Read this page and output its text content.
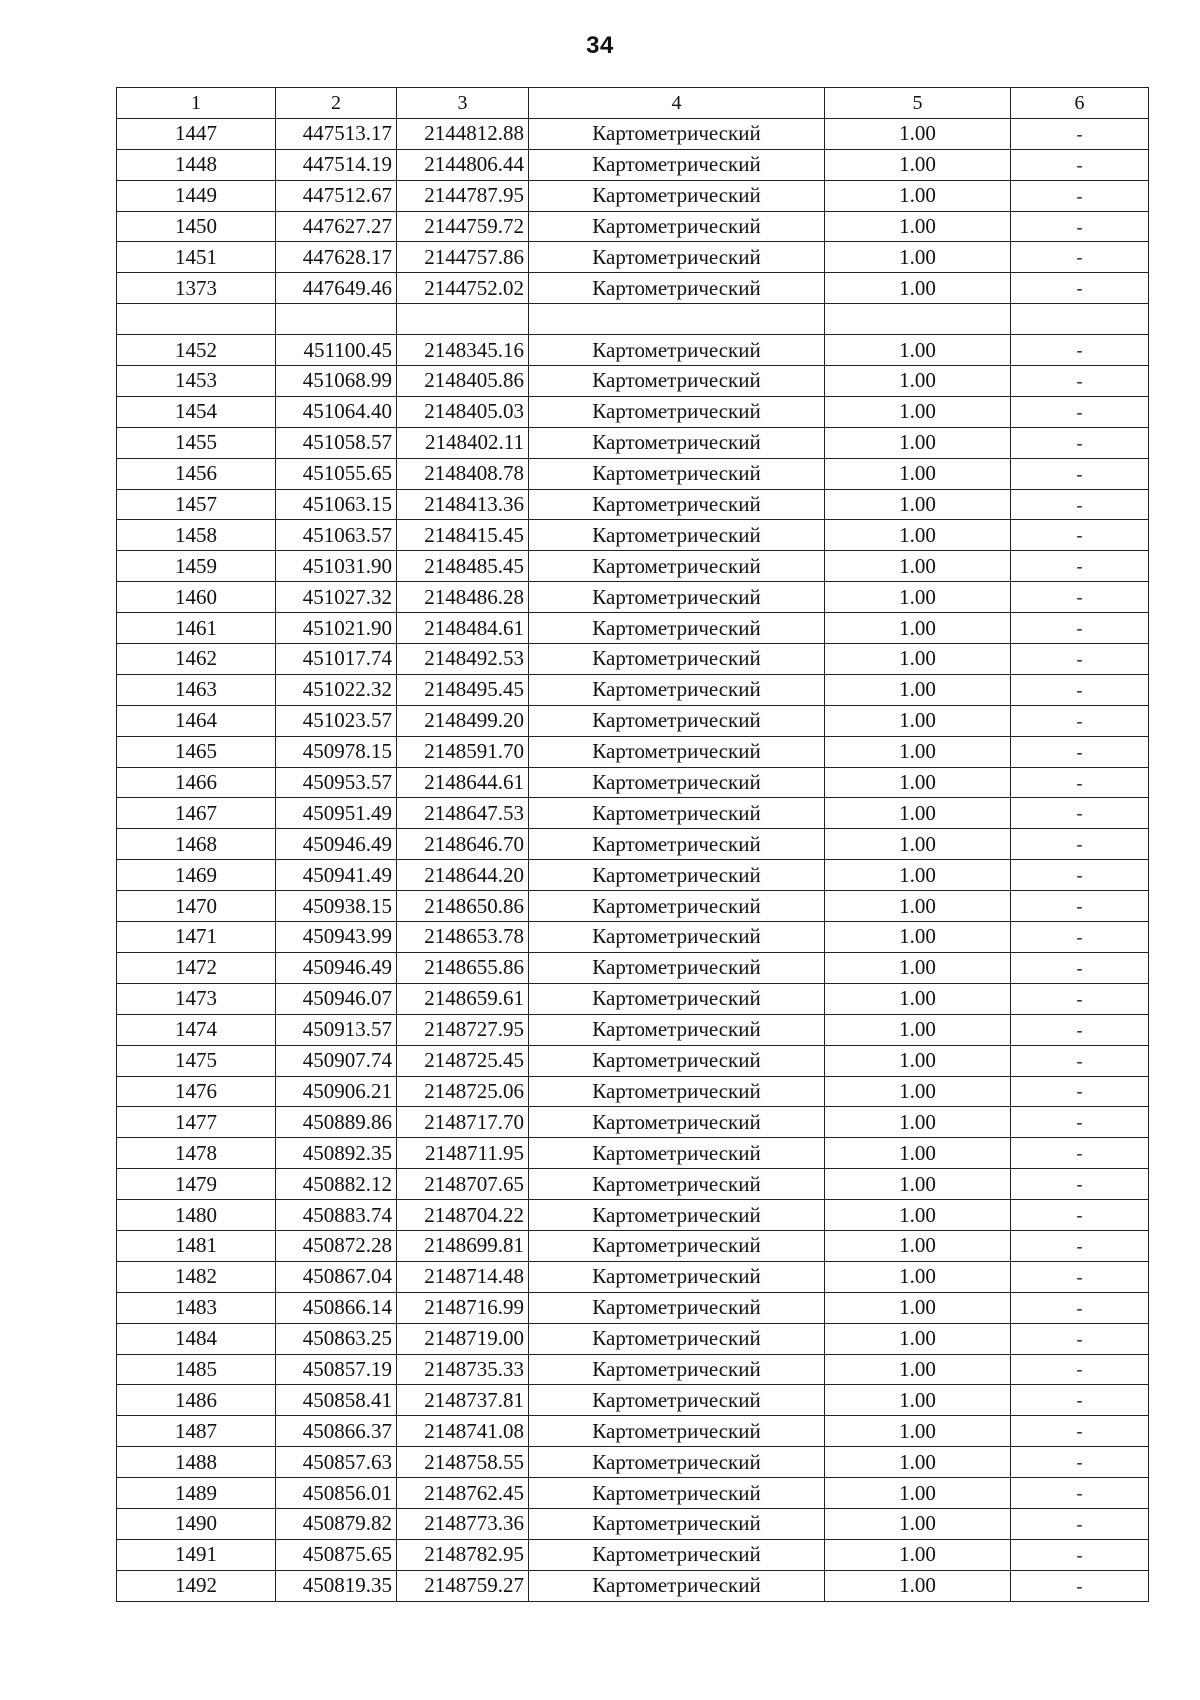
34
1	2	3	4	5	6
1447	447513.17	2144812.88	Картометрический	1.00	-
1448	447514.19	2144806.44	Картометрический	1.00	-
1449	447512.67	2144787.95	Картометрический	1.00	-
1450	447627.27	2144759.72	Картометрический	1.00	-
1451	447628.17	2144757.86	Картометрический	1.00	-
1373	447649.46	2144752.02	Картометрический	1.00	-

1452	451100.45	2148345.16	Картометрический	1.00	-
1453	451068.99	2148405.86	Картометрический	1.00	-
1454	451064.40	2148405.03	Картометрический	1.00	-
1455	451058.57	2148402.11	Картометрический	1.00	-
1456	451055.65	2148408.78	Картометрический	1.00	-
1457	451063.15	2148413.36	Картометрический	1.00	-
1458	451063.57	2148415.45	Картометрический	1.00	-
1459	451031.90	2148485.45	Картометрический	1.00	-
1460	451027.32	2148486.28	Картометрический	1.00	-
1461	451021.90	2148484.61	Картометрический	1.00	-
1462	451017.74	2148492.53	Картометрический	1.00	-
1463	451022.32	2148495.45	Картометрический	1.00	-
1464	451023.57	2148499.20	Картометрический	1.00	-
1465	450978.15	2148591.70	Картометрический	1.00	-
1466	450953.57	2148644.61	Картометрический	1.00	-
1467	450951.49	2148647.53	Картометрический	1.00	-
1468	450946.49	2148646.70	Картометрический	1.00	-
1469	450941.49	2148644.20	Картометрический	1.00	-
1470	450938.15	2148650.86	Картометрический	1.00	-
1471	450943.99	2148653.78	Картометрический	1.00	-
1472	450946.49	2148655.86	Картометрический	1.00	-
1473	450946.07	2148659.61	Картометрический	1.00	-
1474	450913.57	2148727.95	Картометрический	1.00	-
1475	450907.74	2148725.45	Картометрический	1.00	-
1476	450906.21	2148725.06	Картометрический	1.00	-
1477	450889.86	2148717.70	Картометрический	1.00	-
1478	450892.35	2148711.95	Картометрический	1.00	-
1479	450882.12	2148707.65	Картометрический	1.00	-
1480	450883.74	2148704.22	Картометрический	1.00	-
1481	450872.28	2148699.81	Картометрический	1.00	-
1482	450867.04	2148714.48	Картометрический	1.00	-
1483	450866.14	2148716.99	Картометрический	1.00	-
1484	450863.25	2148719.00	Картометрический	1.00	-
1485	450857.19	2148735.33	Картометрический	1.00	-
1486	450858.41	2148737.81	Картометрический	1.00	-
1487	450866.37	2148741.08	Картометрический	1.00	-
1488	450857.63	2148758.55	Картометрический	1.00	-
1489	450856.01	2148762.45	Картометрический	1.00	-
1490	450879.82	2148773.36	Картометрический	1.00	-
1491	450875.65	2148782.95	Картометрический	1.00	-
1492	450819.35	2148759.27	Картометрический	1.00	-
